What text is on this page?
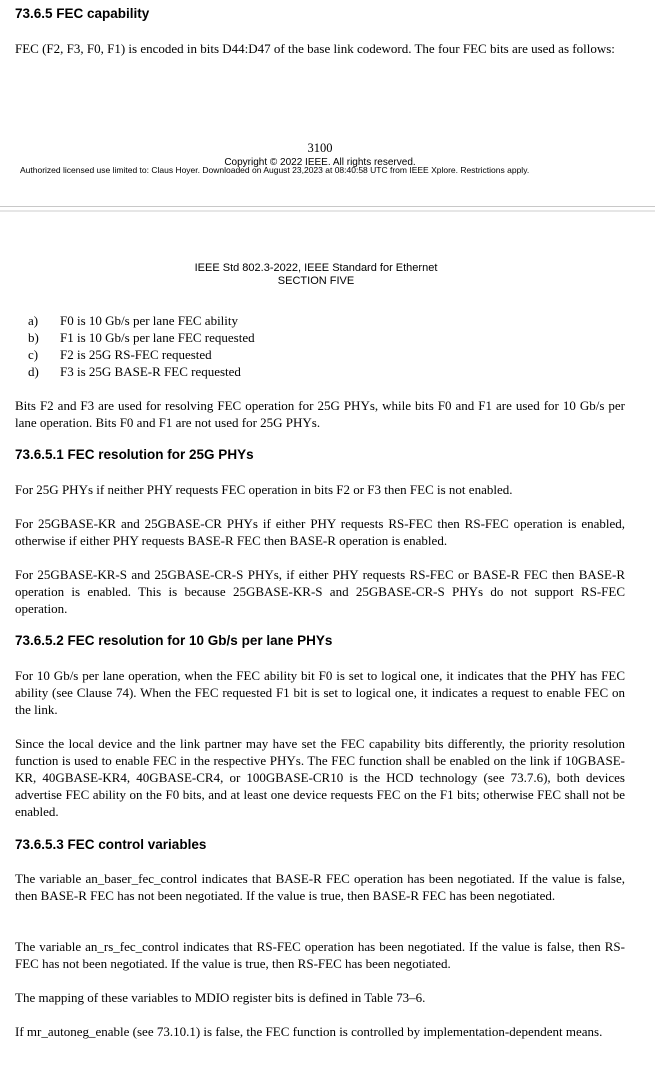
73.6.5 FEC capability
FEC (F2, F3, F0, F1) is encoded in bits D44:D47 of the base link codeword. The four FEC bits are used as follows:
3100
Copyright © 2022 IEEE. All rights reserved.
Authorized licensed use limited to: Claus Hoyer. Downloaded on August 23,2023 at 08:40:58 UTC from IEEE Xplore. Restrictions apply.
IEEE Std 802.3-2022, IEEE Standard for Ethernet
SECTION FIVE
a)	F0 is 10 Gb/s per lane FEC ability
b)	F1 is 10 Gb/s per lane FEC requested
c)	F2 is 25G RS-FEC requested
d)	F3 is 25G BASE-R FEC requested
Bits F2 and F3 are used for resolving FEC operation for 25G PHYs, while bits F0 and F1 are used for 10 Gb/s per lane operation. Bits F0 and F1 are not used for 25G PHYs.
73.6.5.1 FEC resolution for 25G PHYs
For 25G PHYs if neither PHY requests FEC operation in bits F2 or F3 then FEC is not enabled.
For 25GBASE-KR and 25GBASE-CR PHYs if either PHY requests RS-FEC then RS-FEC operation is enabled, otherwise if either PHY requests BASE-R FEC then BASE-R operation is enabled.
For 25GBASE-KR-S and 25GBASE-CR-S PHYs, if either PHY requests RS-FEC or BASE-R FEC then BASE-R operation is enabled. This is because 25GBASE-KR-S and 25GBASE-CR-S PHYs do not support RS-FEC operation.
73.6.5.2 FEC resolution for 10 Gb/s per lane PHYs
For 10 Gb/s per lane operation, when the FEC ability bit F0 is set to logical one, it indicates that the PHY has FEC ability (see Clause 74). When the FEC requested F1 bit is set to logical one, it indicates a request to enable FEC on the link.
Since the local device and the link partner may have set the FEC capability bits differently, the priority resolution function is used to enable FEC in the respective PHYs. The FEC function shall be enabled on the link if 10GBASE-KR, 40GBASE-KR4, 40GBASE-CR4, or 100GBASE-CR10 is the HCD technology (see 73.7.6), both devices advertise FEC ability on the F0 bits, and at least one device requests FEC on the F1 bits; otherwise FEC shall not be enabled.
73.6.5.3 FEC control variables
The variable an_baser_fec_control indicates that BASE-R FEC operation has been negotiated. If the value is false, then BASE-R FEC has not been negotiated. If the value is true, then BASE-R FEC has been negotiated.
The variable an_rs_fec_control indicates that RS-FEC operation has been negotiated. If the value is false, then RS-FEC has not been negotiated. If the value is true, then RS-FEC has been negotiated.
The mapping of these variables to MDIO register bits is defined in Table 73–6.
If mr_autoneg_enable (see 73.10.1) is false, the FEC function is controlled by implementation-dependent means.
